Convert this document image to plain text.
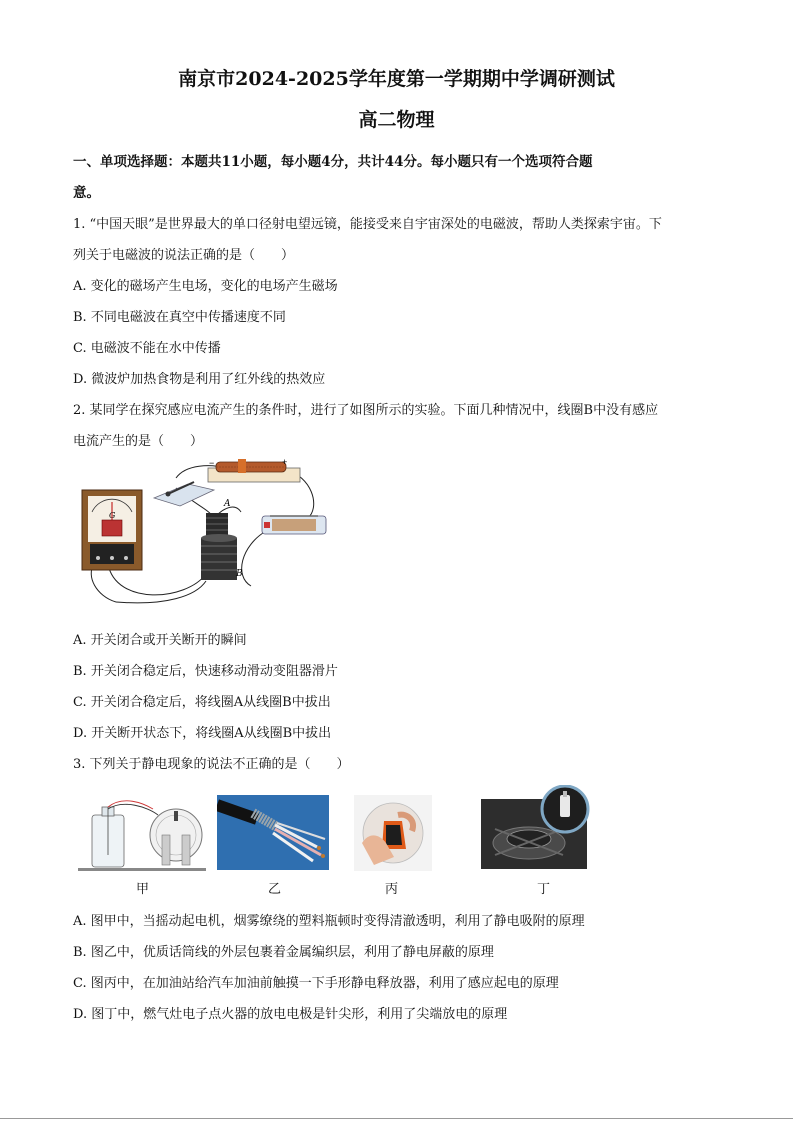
南京市2024-2025学年度第一学期期中学调研测试
高二物理
一、单项选择题：本题共11小题，每小题4分，共计44分。每小题只有一个选项符合题
意。
1. “中国天眼”是世界最大的单口径射电望远镜，能接受来自宇宙深处的电磁波，帮助人类探索宇宙。下
列关于电磁波的说法正确的是（　　）
A. 变化的磁场产生电场，变化的电场产生磁场
B. 不同电磁波在真空中传播速度不同
C. 电磁波不能在水中传播
D. 微波炉加热食物是利用了红外线的热效应
2. 某同学在探究感应电流产生的条件时，进行了如图所示的实验。下面几种情况中，线圈B中没有感应
电流产生的是（　　）
−	+
A
B
G
A. 开关闭合或开关断开的瞬间
B. 开关闭合稳定后，快速移动滑动变阻器滑片
C. 开关闭合稳定后，将线圈A从线圈B中拔出
D. 开关断开状态下，将线圈A从线圈B中拔出
3. 下列关于静电现象的说法不正确的是（　　）
甲	乙	丙	丁
A. 图甲中，当摇动起电机，烟雾缭绕的塑料瓶顿时变得清澈透明，利用了静电吸附的原理
B. 图乙中，优质话筒线的外层包裹着金属编织层，利用了静电屏蔽的原理
C. 图丙中，在加油站给汽车加油前触摸一下手形静电释放器，利用了感应起电的原理
D. 图丁中，燃气灶电子点火器的放电电极是针尖形，利用了尖端放电的原理
